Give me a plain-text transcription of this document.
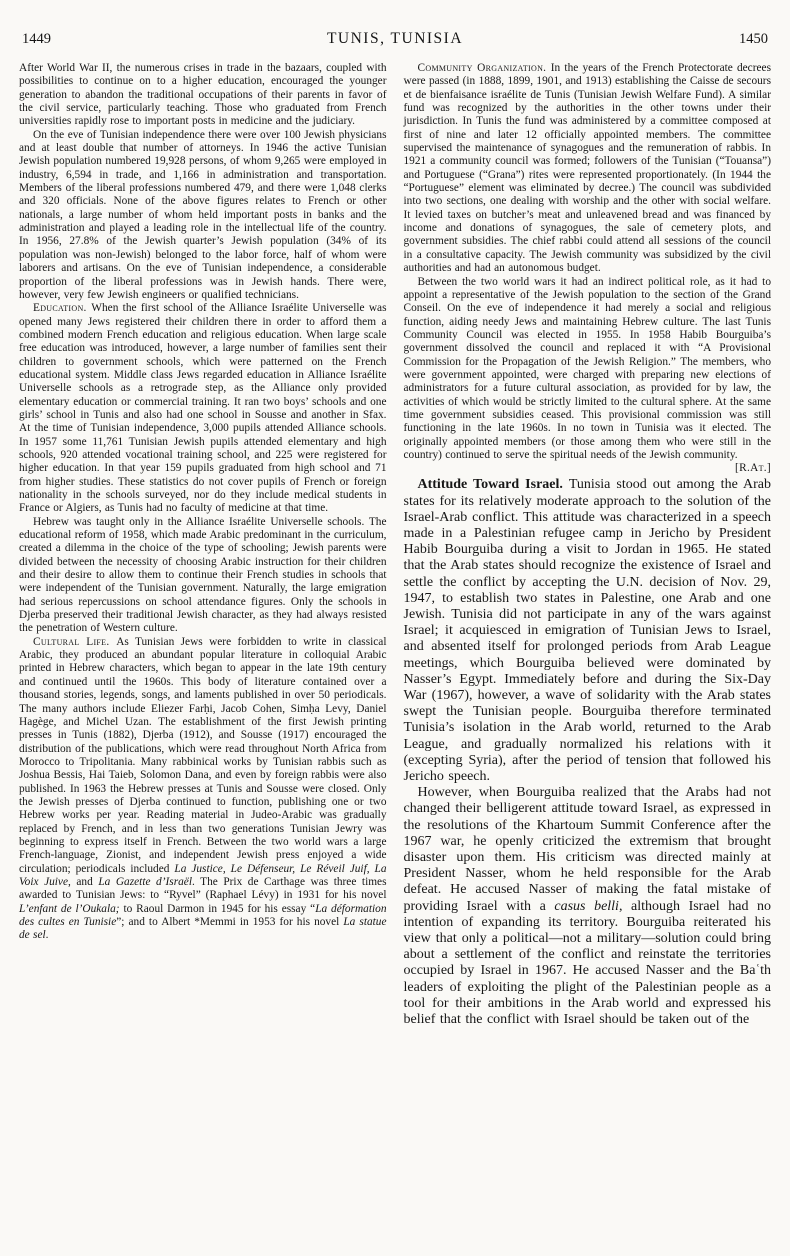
1449	TUNIS, TUNISIA	1450

After World War II, the numerous crises in trade in the bazaars, coupled with possibilities to continue on to a higher education, encouraged the younger generation to abandon the traditional occupations of their parents in favor of the civil service, particularly teaching. Those who graduated from French universities rapidly rose to important posts in medicine and the judiciary.

On the eve of Tunisian independence there were over 100 Jewish physicians and at least double that number of attorneys. In 1946 the active Tunisian Jewish population numbered 19,928 persons, of whom 9,265 were employed in industry, 6,594 in trade, and 1,166 in administration and transportation. Members of the liberal professions numbered 479, and there were 1,048 clerks and 320 officials. None of the above figures relates to French or other nationals, a large number of whom held important posts in banks and the administration and played a leading role in the intellectual life of the country. In 1956, 27.8% of the Jewish quarter’s Jewish population (34% of its population was non-Jewish) belonged to the labor force, half of whom were laborers and artisans. On the eve of Tunisian independence, a considerable proportion of the liberal professions was in Jewish hands. There were, however, very few Jewish engineers or qualified technicians.

Education. When the first school of the Alliance Israélite Universelle was opened many Jews registered their children there in order to afford them a combined modern French education and religious education. When large scale free education was introduced, however, a large number of families sent their children to government schools, which were patterned on the French educational system. Middle class Jews regarded education in Alliance Israélite Universelle schools as a retrograde step, as the Alliance only provided elementary education or commercial training. It ran two boys’ schools and one girls’ school in Tunis and also had one school in Sousse and another in Sfax. At the time of Tunisian independence, 3,000 pupils attended Alliance schools. In 1957 some 11,761 Tunisian Jewish pupils attended elementary and high schools, 920 attended vocational training school, and 225 were registered for higher education. In that year 159 pupils graduated from high school and 71 from higher studies. These statistics do not cover pupils of French or foreign nationality in the schools surveyed, nor do they include medical students in France or Algiers, as Tunis had no faculty of medicine at that time.

Hebrew was taught only in the Alliance Israélite Universelle schools. The educational reform of 1958, which made Arabic predominant in the curriculum, created a dilemma in the choice of the type of schooling; Jewish parents were divided between the necessity of choosing Arabic instruction for their children and their desire to allow them to continue their French studies in schools that were independent of the Tunisian government. Naturally, the large emigration had serious repercussions on school attendance figures. Only the schools in Djerba preserved their traditional Jewish character, as they had always resisted the penetration of Western culture.

Cultural Life. As Tunisian Jews were forbidden to write in classical Arabic, they produced an abundant popular literature in colloquial Arabic printed in Hebrew characters, which began to appear in the late 19th century and continued until the 1960s. This body of literature contained over a thousand stories, legends, songs, and laments published in over 50 periodicals. The many authors include Eliezer Farḥi, Jacob Cohen, Simḥa Levy, Daniel Hagège, and Michel Uzan. The establishment of the first Jewish printing presses in Tunis (1882), Djerba (1912), and Sousse (1917) encouraged the distribution of the publications, which were read throughout North Africa from Morocco to Tripolitania. Many rabbinical works by Tunisian rabbis such as Joshua Bessis, Hai Taieb, Solomon Dana, and even by foreign rabbis were also published. In 1963 the Hebrew presses at Tunis and Sousse were closed. Only the Jewish presses of Djerba continued to function, publishing one or two Hebrew works per year. Reading material in Judeo-Arabic was gradually replaced by French, and in less than two generations Tunisian Jewry was beginning to express itself in French. Between the two world wars a large French-language, Zionist, and independent Jewish press enjoyed a wide circulation; periodicals included La Justice, Le Défenseur, Le Réveil Juif, La Voix Juive, and La Gazette d’Israël. The Prix de Carthage was three times awarded to Tunisian Jews: to “Ryvel” (Raphael Lévy) in 1931 for his novel L’enfant de l’Oukala; to Raoul Darmon in 1945 for his essay “La déformation des cultes en Tunisie”; and to Albert *Memmi in 1953 for his novel La statue de sel.

Community Organization. In the years of the French Protectorate decrees were passed (in 1888, 1899, 1901, and 1913) establishing the Caisse de secours et de bienfaisance israélite de Tunis (Tunisian Jewish Welfare Fund). A similar fund was recognized by the authorities in the other towns under their jurisdiction. In Tunis the fund was administered by a committee composed at first of nine and later 12 officially appointed members. The committee supervised the maintenance of synagogues and the remuneration of rabbis. In 1921 a community council was formed; followers of the Tunisian (“Touansa”) and Portuguese (“Grana”) rites were represented proportionately. (In 1944 the “Portuguese” element was eliminated by decree.) The council was subdivided into two sections, one dealing with worship and the other with social welfare. It levied taxes on butcher’s meat and unleavened bread and was financed by income and donations of synagogues, the sale of cemetery plots, and government subsidies. The chief rabbi could attend all sessions of the council in a consultative capacity. The Jewish community was subsidized by the civil authorities and had an autonomous budget.

Between the two world wars it had an indirect political role, as it had to appoint a representative of the Jewish population to the section of the Grand Conseil. On the eve of independence it had merely a social and religious function, aiding needy Jews and maintaining Hebrew culture. The last Tunis Community Council was elected in 1955. In 1958 Habib Bourguiba’s government dissolved the council and replaced it with “A Provisional Commission for the Propagation of the Jewish Religion.” The members, who were government appointed, were charged with preparing new elections of administrators for a future cultural association, as provided for by law, the activities of which would be strictly limited to the cultural sphere. At the same time government subsidies ceased. This provisional commission was still functioning in the late 1960s. In no town in Tunisia was it elected. The originally appointed members (or those among them who were still in the country) continued to serve the spiritual needs of the Jewish community.
[R.At.]

Attitude Toward Israel. Tunisia stood out among the Arab states for its relatively moderate approach to the solution of the Israel-Arab conflict. This attitude was characterized in a speech made in a Palestinian refugee camp in Jericho by President Habib Bourguiba during a visit to Jordan in 1965. He stated that the Arab states should recognize the existence of Israel and settle the conflict by accepting the U.N. decision of Nov. 29, 1947, to establish two states in Palestine, one Arab and one Jewish. Tunisia did not participate in any of the wars against Israel; it acquiesced in emigration of Tunisian Jews to Israel, and absented itself for prolonged periods from Arab League meetings, which Bourguiba believed were dominated by Nasser’s Egypt. Immediately before and during the Six-Day War (1967), however, a wave of solidarity with the Arab states swept the Tunisian people. Bourguiba therefore terminated Tunisia’s isolation in the Arab world, returned to the Arab League, and gradually normalized his relations with it (excepting Syria), after the period of tension that followed his Jericho speech.

However, when Bourguiba realized that the Arabs had not changed their belligerent attitude toward Israel, as expressed in the resolutions of the Khartoum Summit Conference after the 1967 war, he openly criticized the extremism that brought disaster upon them. His criticism was directed mainly at President Nasser, whom he held responsible for the Arab defeat. He accused Nasser of making the fatal mistake of providing Israel with a casus belli, although Israel had no intention of expanding its territory. Bourguiba reiterated his view that only a political—not a military—solution could bring about a settlement of the conflict and reinstate the territories occupied by Israel in 1967. He accused Nasser and the Baʿth leaders of exploiting the plight of the Palestinian people as a tool for their ambitions in the Arab world and expressed his belief that the conflict with Israel should be taken out of the
